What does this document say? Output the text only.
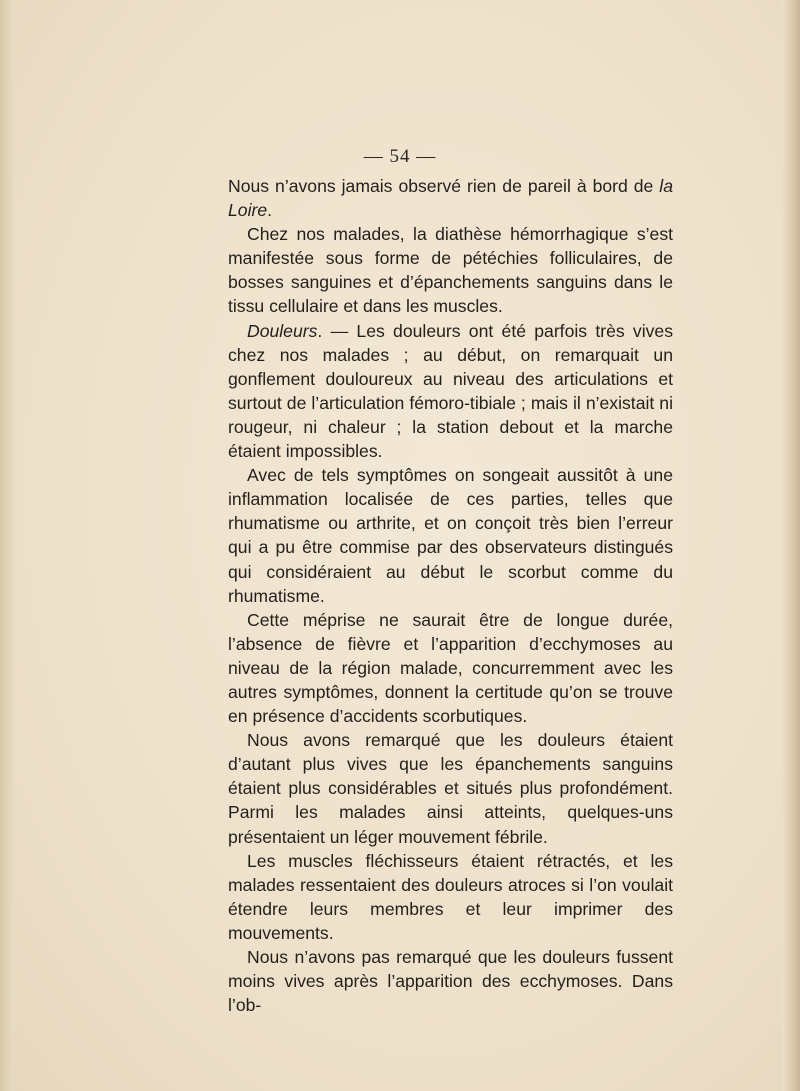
— 54 —

Nous n’avons jamais observé rien de pareil à bord de la Loire.

Chez nos malades, la diathèse hémorrhagique s’est manifestée sous forme de pétéchies folliculaires, de bosses sanguines et d’épanchements sanguins dans le tissu cellulaire et dans les muscles.

Douleurs. — Les douleurs ont été parfois très vives chez nos malades ; au début, on remarquait un gonflement douloureux au niveau des articulations et surtout de l’articulation fémoro-tibiale ; mais il n’existait ni rougeur, ni chaleur ; la station debout et la marche étaient impossibles.

Avec de tels symptômes on songeait aussitôt à une inflammation localisée de ces parties, telles que rhumatisme ou arthrite, et on conçoit très bien l’erreur qui a pu être commise par des observateurs distingués qui considéraient au début le scorbut comme du rhumatisme.

Cette méprise ne saurait être de longue durée, l’absence de fièvre et l’apparition d’ecchymoses au niveau de la région malade, concurremment avec les autres symptômes, donnent la certitude qu’on se trouve en présence d’accidents scorbutiques.

Nous avons remarqué que les douleurs étaient d’autant plus vives que les épanchements sanguins étaient plus considérables et situés plus profondément. Parmi les malades ainsi atteints, quelques-uns présentaient un léger mouvement fébrile.

Les muscles fléchisseurs étaient rétractés, et les malades ressentaient des douleurs atroces si l’on voulait étendre leurs membres et leur imprimer des mouvements.

Nous n’avons pas remarqué que les douleurs fussent moins vives après l’apparition des ecchymoses. Dans l’ob-
